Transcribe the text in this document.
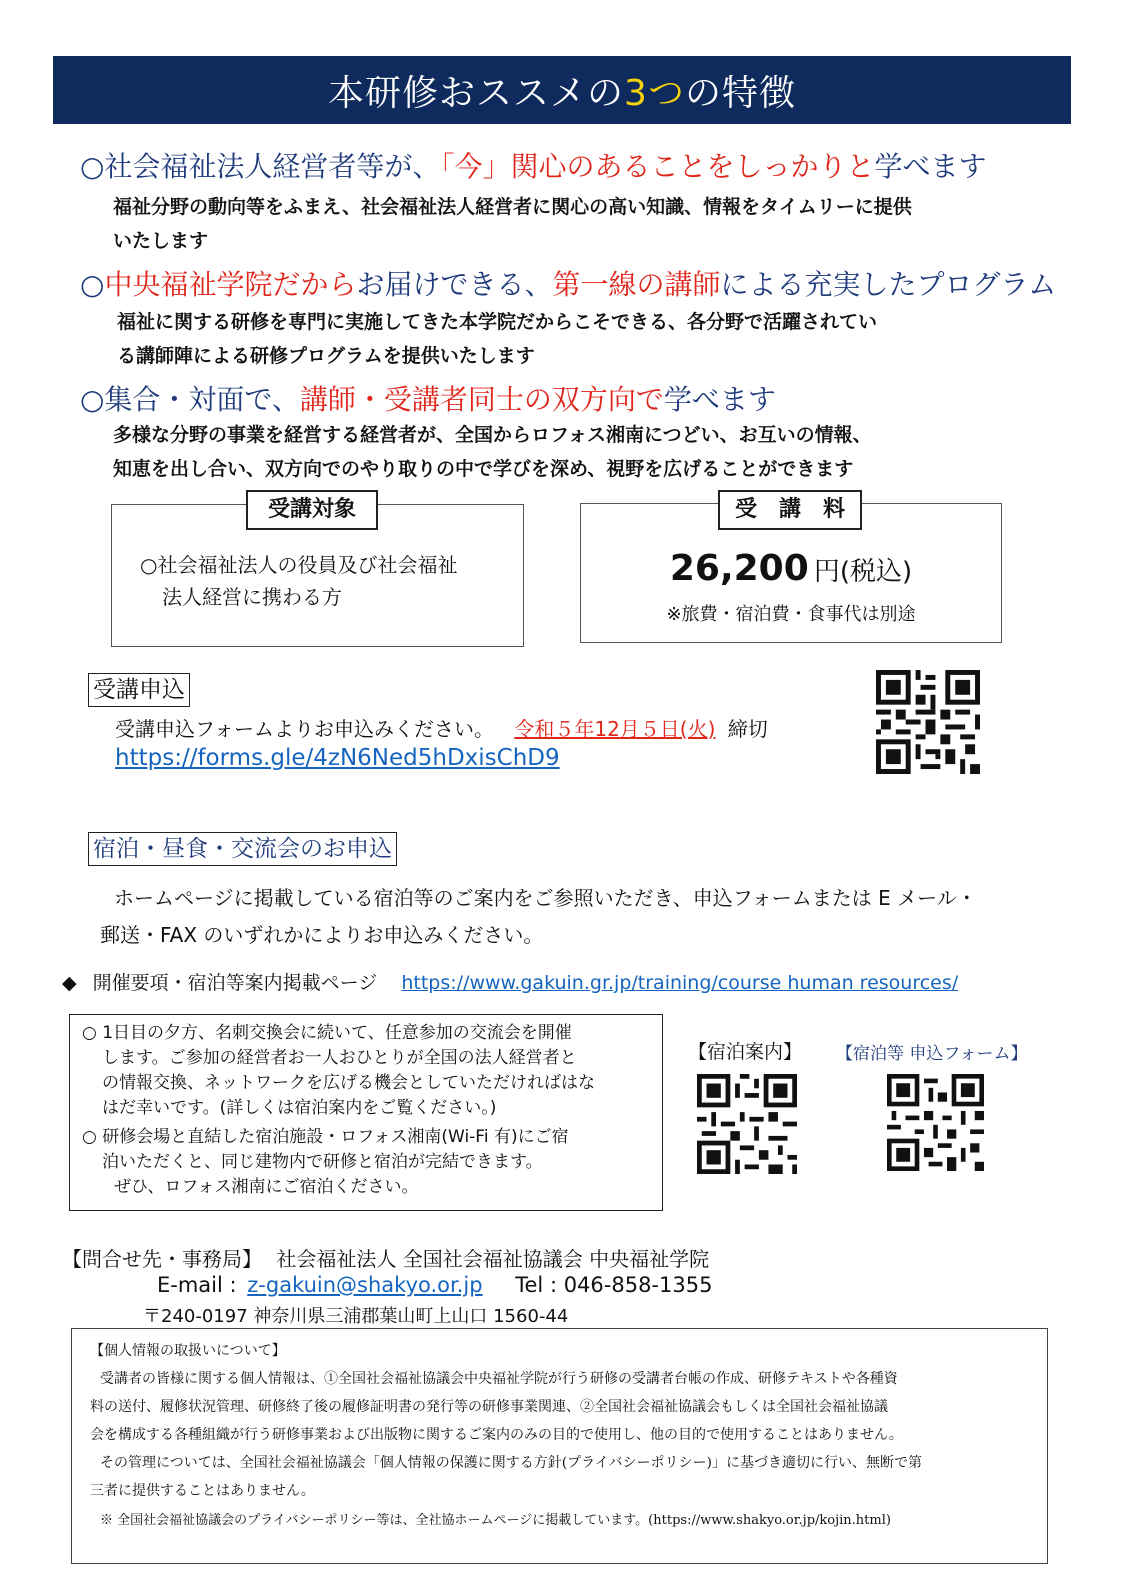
本研修おススメの 3つ の特徴
○社会福祉法人経営者等が、「今」関心のあることをしっかりと学べます
福祉分野の動向等をふまえ、社会福祉法人経営者に関心の高い知識、情報をタイムリーに提供
いたします
○中央福祉学院だからお届けできる、第一線の講師による充実したプログラム
福祉に関する研修を専門に実施してきた本学院だからこそできる、各分野で活躍されてい
る講師陣による研修プログラムを提供いたします
○集合・対面で、講師・受講者同士の双方向で学べます
多様な分野の事業を経営する経営者が、全国からロフォス湘南につどい、お互いの情報、
知恵を出し合い、双方向でのやり取りの中で学びを深め、視野を広げることができます
○社会福祉法人の役員及び社会福祉
法人経営に携わる方
受講対象
26,200 円(税込)
※旅費・宿泊費・食事代は別途
受　講　料
受講申込
受講申込フォームよりお申込みください。 令和５年12月５日(火) 締切
https://forms.gle/4zN6Ned5hDxisChD9
宿泊・昼食・交流会のお申込
ホームページに掲載している宿泊等のご案内をご参照いただき、申込フォームまたは E メール・
郵送・FAX のいずれかによりお申込みください。
◆ 開催要項・宿泊等案内掲載ページ https://www.gakuin.gr.jp/training/course human resources/
○ 1日目の夕方、名刺交換会に続いて、任意参加の交流会を開催
します。ご参加の経営者お一人おひとりが全国の法人経営者と
の情報交換、ネットワークを広げる機会としていただければはな
はだ幸いです。(詳しくは宿泊案内をご覧ください。)
○ 研修会場と直結した宿泊施設・ロフォス湘南(Wi-Fi 有)にご宿
泊いただくと、同じ建物内で研修と宿泊が完結できます。
ぜひ、ロフォス湘南にご宿泊ください。
【宿泊案内】 【宿泊等 申込フォーム】
【問合せ先・事務局】 社会福祉法人 全国社会福祉協議会 中央福祉学院
E-mail : z-gakuin@shakyo.or.jp Tel : 046-858-1355
〒240-0197 神奈川県三浦郡葉山町上山口 1560-44
【個人情報の取扱いについて】
受講者の皆様に関する個人情報は、①全国社会福祉協議会中央福祉学院が行う研修の受講者台帳の作成、研修テキストや各種資
料の送付、履修状況管理、研修終了後の履修証明書の発行等の研修事業関連、②全国社会福祉協議会もしくは全国社会福祉協議
会を構成する各種組織が行う研修事業および出版物に関するご案内のみの目的で使用し、他の目的で使用することはありません。
その管理については、全国社会福祉協議会「個人情報の保護に関する方針(プライバシーポリシー)」に基づき適切に行い、無断で第
三者に提供することはありません。
※ 全国社会福祉協議会のプライバシーポリシー等は、全社協ホームページに掲載しています。(https://www.shakyo.or.jp/kojin.html)
